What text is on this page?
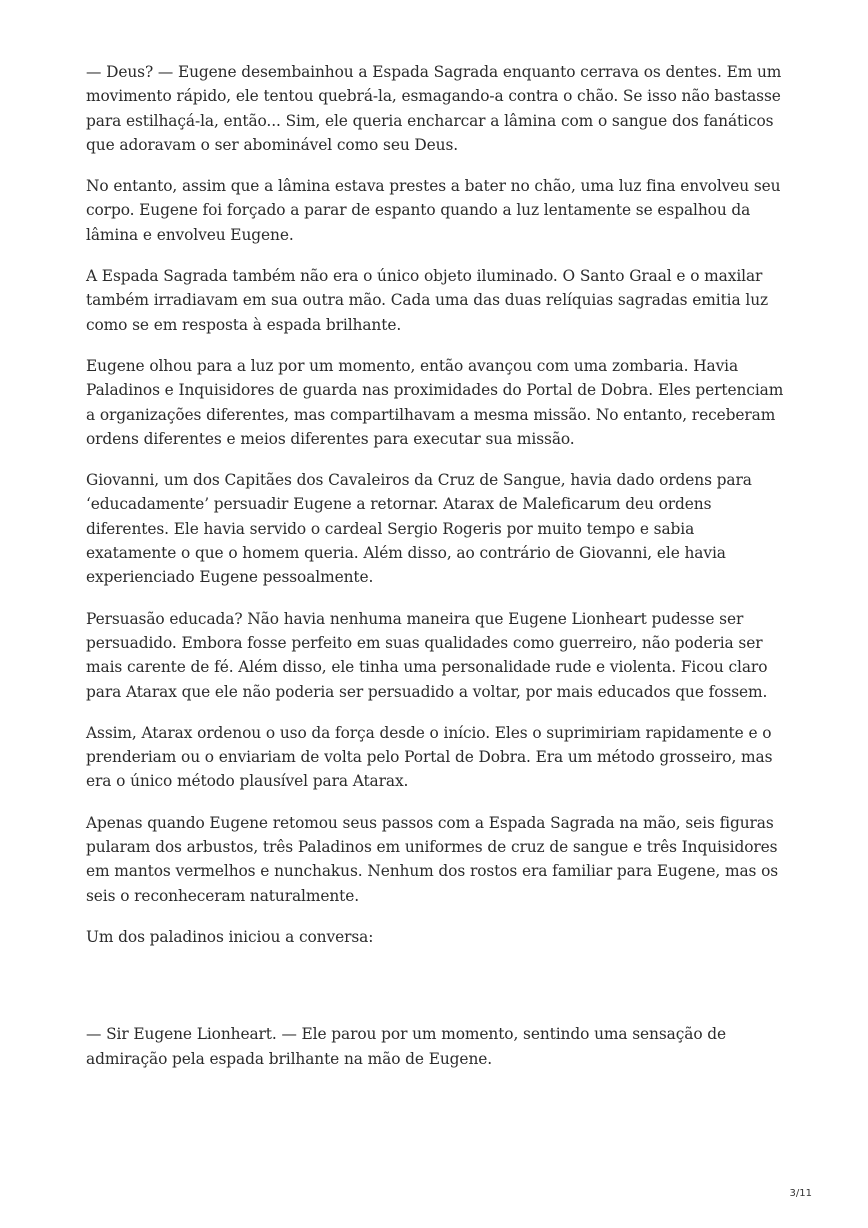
— Deus? — Eugene desembainhou a Espada Sagrada enquanto cerrava os dentes. Em um movimento rápido, ele tentou quebrá-la, esmagando-a contra o chão. Se isso não bastasse para estilhaçá-la, então... Sim, ele queria encharcar a lâmina com o sangue dos fanáticos que adoravam o ser abominável como seu Deus.

No entanto, assim que a lâmina estava prestes a bater no chão, uma luz fina envolveu seu corpo. Eugene foi forçado a parar de espanto quando a luz lentamente se espalhou da lâmina e envolveu Eugene.

A Espada Sagrada também não era o único objeto iluminado. O Santo Graal e o maxilar também irradiavam em sua outra mão. Cada uma das duas relíquias sagradas emitia luz como se em resposta à espada brilhante.

Eugene olhou para a luz por um momento, então avançou com uma zombaria. Havia Paladinos e Inquisidores de guarda nas proximidades do Portal de Dobra. Eles pertenciam a organizações diferentes, mas compartilhavam a mesma missão. No entanto, receberam ordens diferentes e meios diferentes para executar sua missão.

Giovanni, um dos Capitães dos Cavaleiros da Cruz de Sangue, havia dado ordens para ‘educadamente’ persuadir Eugene a retornar. Atarax de Maleficarum deu ordens diferentes. Ele havia servido o cardeal Sergio Rogeris por muito tempo e sabia exatamente o que o homem queria. Além disso, ao contrário de Giovanni, ele havia experienciado Eugene pessoalmente.

Persuasão educada? Não havia nenhuma maneira que Eugene Lionheart pudesse ser persuadido. Embora fosse perfeito em suas qualidades como guerreiro, não poderia ser mais carente de fé. Além disso, ele tinha uma personalidade rude e violenta. Ficou claro para Atarax que ele não poderia ser persuadido a voltar, por mais educados que fossem.

Assim, Atarax ordenou o uso da força desde o início. Eles o suprimiriam rapidamente e o prenderiam ou o enviariam de volta pelo Portal de Dobra. Era um método grosseiro, mas era o único método plausível para Atarax.

Apenas quando Eugene retomou seus passos com a Espada Sagrada na mão, seis figuras pularam dos arbustos, três Paladinos em uniformes de cruz de sangue e três Inquisidores em mantos vermelhos e nunchakus. Nenhum dos rostos era familiar para Eugene, mas os seis o reconheceram naturalmente.

Um dos paladinos iniciou a conversa:

— Sir Eugene Lionheart. — Ele parou por um momento, sentindo uma sensação de admiração pela espada brilhante na mão de Eugene.

3/11
